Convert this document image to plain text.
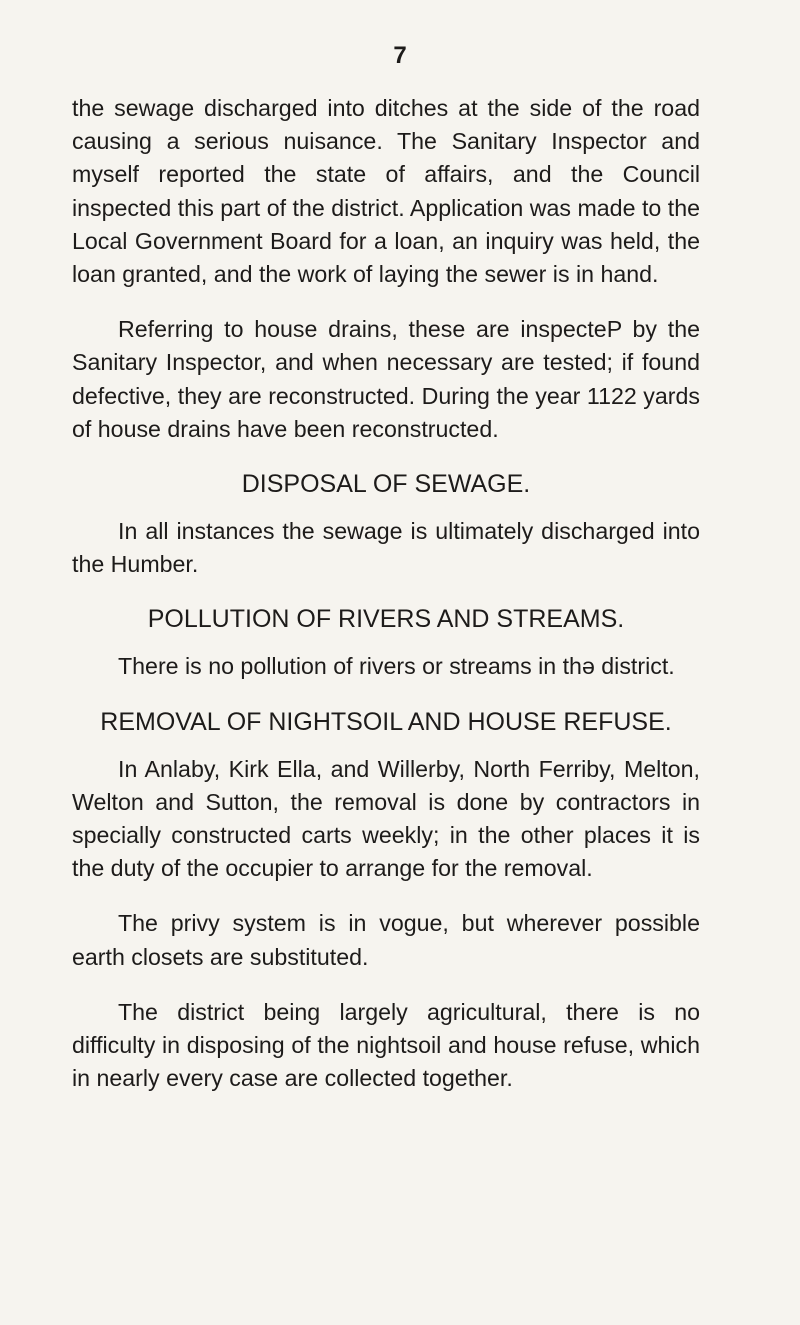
7

the sewage discharged into ditches at the side of the road causing a serious nuisance. The Sanitary Inspector and myself reported the state of affairs, and the Council inspected this part of the district. Application was made to the Local Government Board for a loan, an inquiry was held, the loan granted, and the work of laying the sewer is in hand.

Referring to house drains, these are inspecteP by the Sanitary Inspector, and when necessary are tested; if found defective, they are reconstructed. During the year 1122 yards of house drains have been reconstructed.

DISPOSAL OF SEWAGE.

In all instances the sewage is ultimately discharged into the Humber.

POLLUTION OF RIVERS AND STREAMS.

There is no pollution of rivers or streams in thə district.

REMOVAL OF NIGHTSOIL AND HOUSE REFUSE.

In Anlaby, Kirk Ella, and Willerby, North Ferriby, Melton, Welton and Sutton, the removal is done by contractors in specially constructed carts weekly; in the other places it is the duty of the occupier to arrange for the removal.

The privy system is in vogue, but wherever possible earth closets are substituted.

The district being largely agricultural, there is no difficulty in disposing of the nightsoil and house refuse, which in nearly every case are collected together.
